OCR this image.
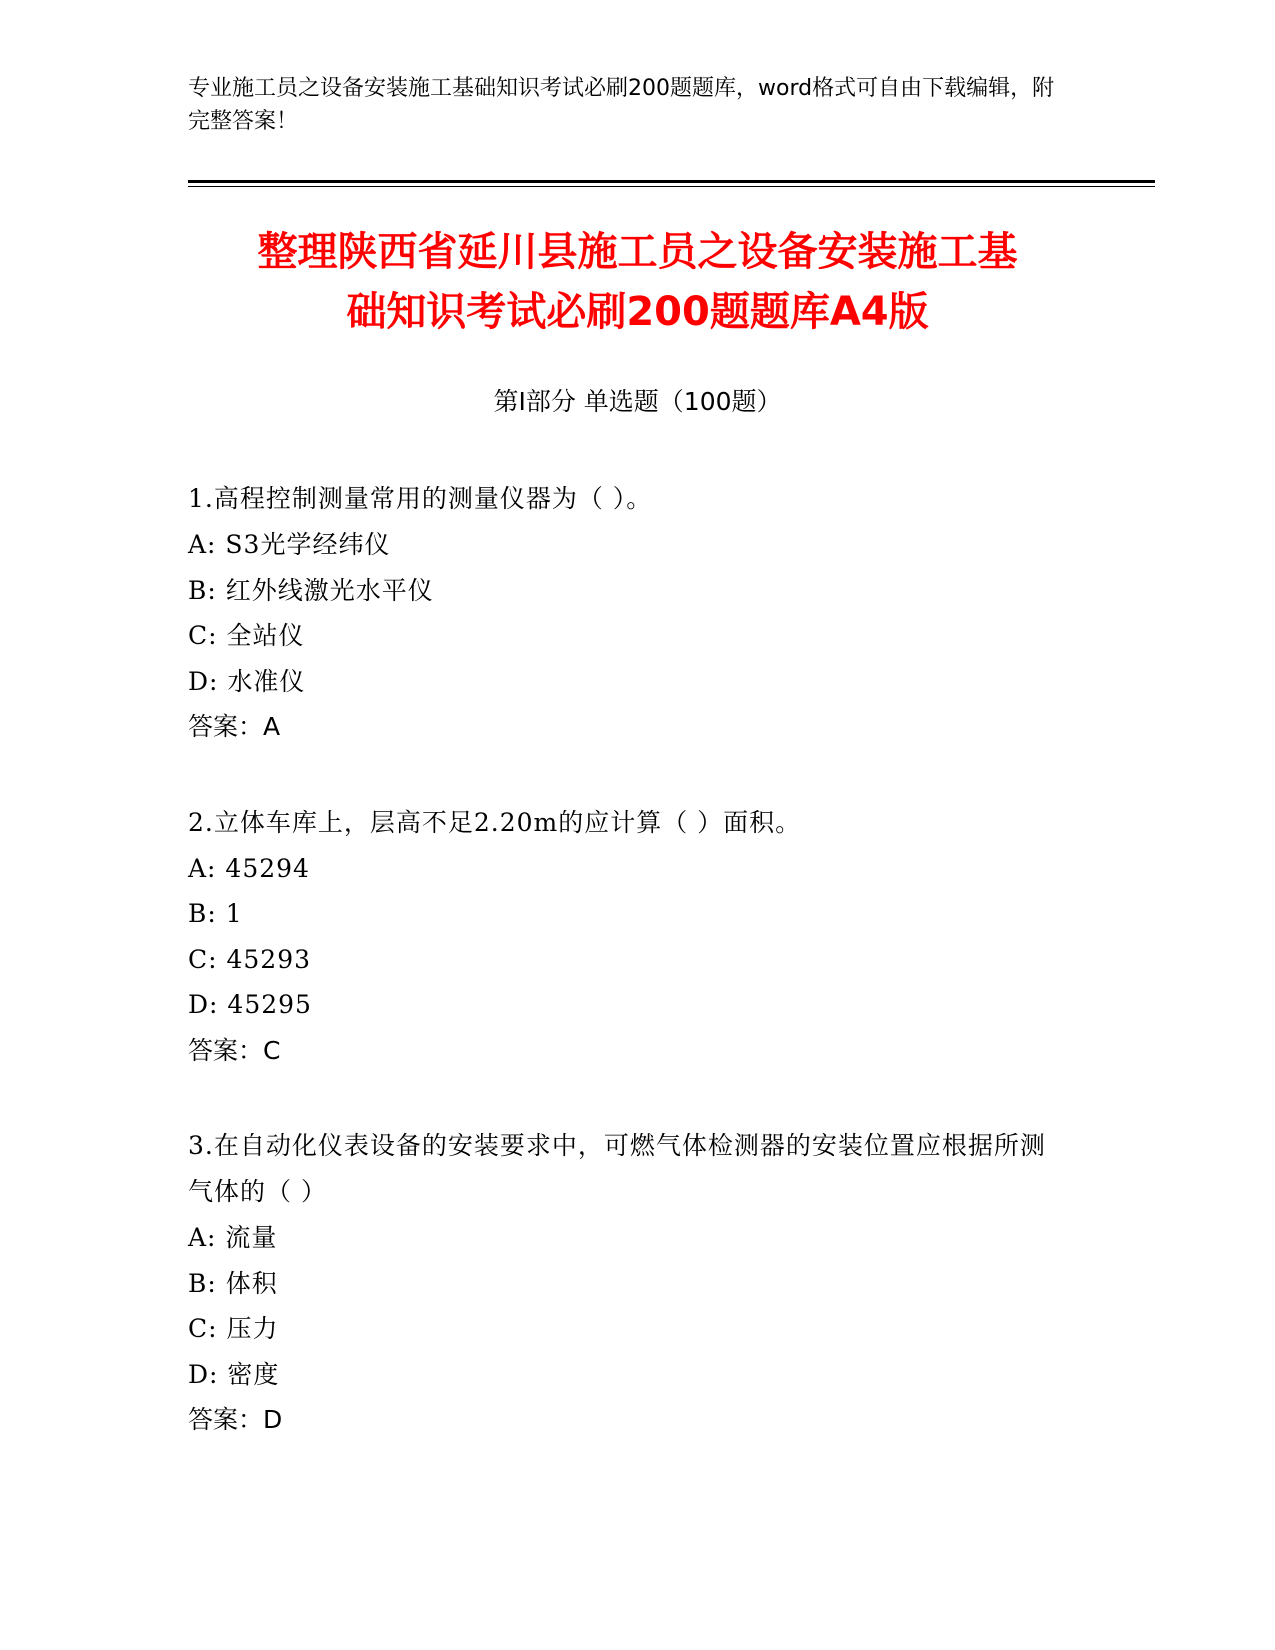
专业施工员之设备安装施工基础知识考试必刷200题题库，word格式可自由下载编辑，附完整答案！
整理陕西省延川县施工员之设备安装施工基
础知识考试必刷200题题库A4版
第I部分 单选题（100题）
1.高程控制测量常用的测量仪器为（ ）。
A: S3光学经纬仪
B: 红外线激光水平仪
C: 全站仪
D: 水准仪
答案：A
2.立体车库上，层高不足2.20m的应计算（ ）面积。
A: 45294
B: 1
C: 45293
D: 45295
答案：C
3.在自动化仪表设备的安装要求中，可燃气体检测器的安装位置应根据所测气体的（ ）
A: 流量
B: 体积
C: 压力
D: 密度
答案：D
